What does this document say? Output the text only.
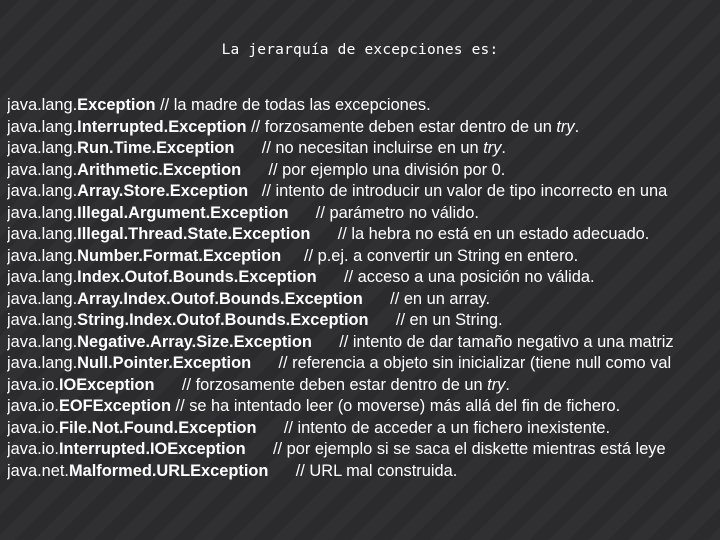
La jerarquía de excepciones es:
java.lang.Exception // la madre de todas las excepciones.
java.lang.Interrupted.Exception // forzosamente deben estar dentro de un try.
java.lang.Run.Time.Exception // no necesitan incluirse en un try.
java.lang.Arithmetic.Exception // por ejemplo una división por 0.
java.lang.Array.Store.Exception // intento de introducir un valor de tipo incorrecto en una
java.lang.Illegal.Argument.Exception // parámetro no válido.
java.lang.Illegal.Thread.State.Exception // la hebra no está en un estado adecuado.
java.lang.Number.Format.Exception // p.ej. a convertir un String en entero.
java.lang.Index.Outof.Bounds.Exception // acceso a una posición no válida.
java.lang.Array.Index.Outof.Bounds.Exception // en un array.
java.lang.String.Index.Outof.Bounds.Exception // en un String.
java.lang.Negative.Array.Size.Exception // intento de dar tamaño negativo a una matriz
java.lang.Null.Pointer.Exception // referencia a objeto sin inicializar (tiene null como val
java.io.IOException // forzosamente deben estar dentro de un try.
java.io.EOFException // se ha intentado leer (o moverse) más allá del fin de fichero.
java.io.File.Not.Found.Exception // intento de acceder a un fichero inexistente.
java.io.Interrupted.IOException // por ejemplo si se saca el diskette mientras está leye
java.net.Malformed.URLException // URL mal construida.
